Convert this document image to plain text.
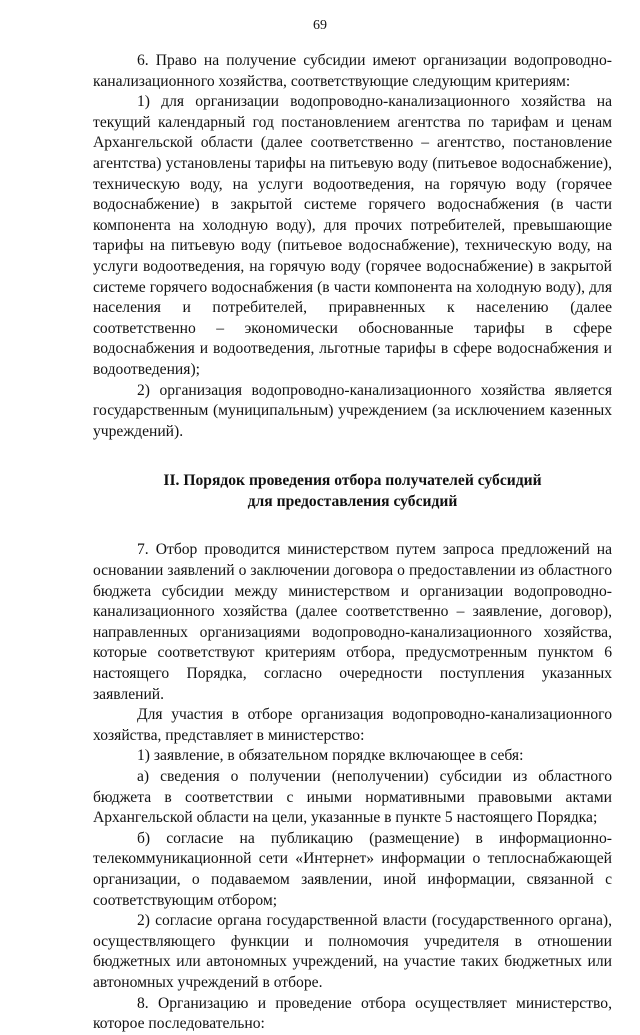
69

6. Право на получение субсидии имеют организации водопроводно-канализационного хозяйства, соответствующие следующим критериям:

1) для организации водопроводно-канализационного хозяйства на текущий календарный год постановлением агентства по тарифам и ценам Архангельской области (далее соответственно – агентство, постановление агентства) установлены тарифы на питьевую воду (питьевое водоснабжение), техническую воду, на услуги водоотведения, на горячую воду (горячее водоснабжение) в закрытой системе горячего водоснабжения (в части компонента на холодную воду), для прочих потребителей, превышающие тарифы на питьевую воду (питьевое водоснабжение), техническую воду, на услуги водоотведения, на горячую воду (горячее водоснабжение) в закрытой системе горячего водоснабжения (в части компонента на холодную воду), для населения и потребителей, приравненных к населению (далее соответственно – экономически обоснованные тарифы в сфере водоснабжения и водоотведения, льготные тарифы в сфере водоснабжения и водоотведения);

2) организация водопроводно-канализационного хозяйства является государственным (муниципальным) учреждением (за исключением казенных учреждений).

II. Порядок проведения отбора получателей субсидий
для предоставления субсидий

7. Отбор проводится министерством путем запроса предложений на основании заявлений о заключении договора о предоставлении из областного бюджета субсидии между министерством и организации водопроводно-канализационного хозяйства (далее соответственно – заявление, договор), направленных организациями водопроводно-канализационного хозяйства, которые соответствуют критериям отбора, предусмотренным пунктом 6 настоящего Порядка, согласно очередности поступления указанных заявлений.

Для участия в отборе организация водопроводно-канализационного хозяйства, представляет в министерство:

1) заявление, в обязательном порядке включающее в себя:

а) сведения о получении (неполучении) субсидии из областного бюджета в соответствии с иными нормативными правовыми актами Архангельской области на цели, указанные в пункте 5 настоящего Порядка;

б) согласие на публикацию (размещение) в информационно-телекоммуникационной сети «Интернет» информации о теплоснабжающей организации, о подаваемом заявлении, иной информации, связанной с соответствующим отбором;

2) согласие органа государственной власти (государственного органа), осуществляющего функции и полномочия учредителя в отношении бюджетных или автономных учреждений, на участие таких бюджетных или автономных учреждений в отборе.

8. Организацию и проведение отбора осуществляет министерство, которое последовательно:
